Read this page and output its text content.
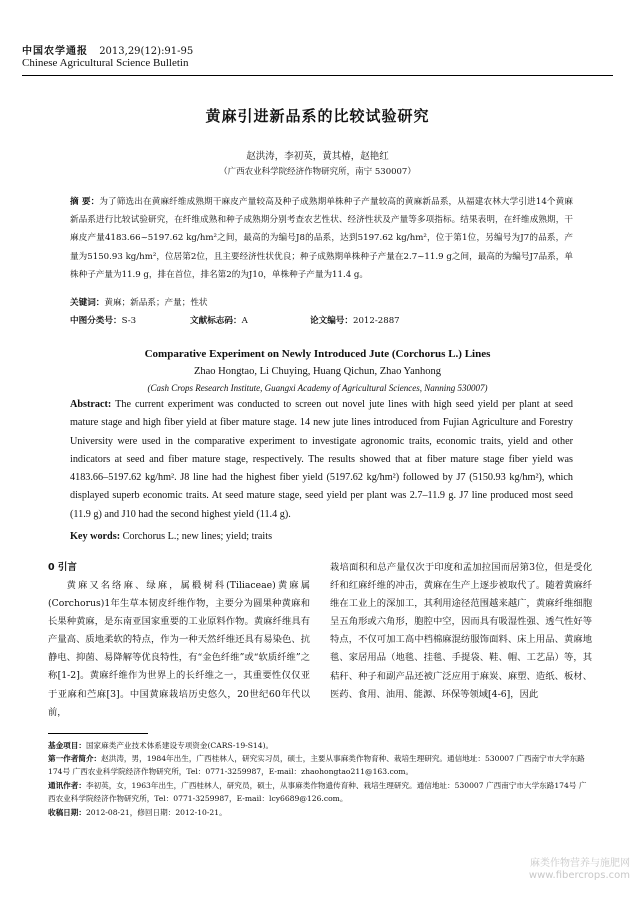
中国农学通报 2013,29(12):91-95
Chinese Agricultural Science Bulletin
黄麻引进新品系的比较试验研究
赵洪涛，李初英，黄其椿，赵艳红
（广西农业科学院经济作物研究所，南宁 530007）
摘 要：为了筛选出在黄麻纤维成熟期干麻皮产量较高及种子成熟期单株种子产量较高的黄麻新品系，从福建农林大学引进14个黄麻新品系进行比较试验研究，在纤维成熟和种子成熟期分别考查农艺性状、经济性状及产量等多项指标。结果表明，在纤维成熟期，干麻皮产量4183.66~5197.62 kg/hm²之间，最高的为编号J8的品系，达到5197.62 kg/hm²，位于第1位，另编号为J7的品系，产量为5150.93 kg/hm²，位居第2位，且主要经济性状优良；种子成熟期单株种子产量在2.7~11.9 g之间，最高的为编号J7品系，单株种子产量为11.9 g，排在首位，排名第2的为J10，单株种子产量为11.4 g。
关键词：黄麻；新品系；产量；性状
中图分类号：S-3	文献标志码：A	论文编号：2012-2887
Comparative Experiment on Newly Introduced Jute (Corchorus L.) Lines
Zhao Hongtao, Li Chuying, Huang Qichun, Zhao Yanhong
(Cash Crops Research Institute, Guangxi Academy of Agricultural Sciences, Nanning 530007)
Abstract: The current experiment was conducted to screen out novel jute lines with high seed yield per plant at seed mature stage and high fiber yield at fiber mature stage. 14 new jute lines introduced from Fujian Agriculture and Forestry University were used in the comparative experiment to investigate agronomic traits, economic traits, yield and other indicators at seed and fiber mature stage, respectively. The results showed that at fiber mature stage fiber yield was 4183.66–5197.62 kg/hm². J8 line had the highest fiber yield (5197.62 kg/hm²) followed by J7 (5150.93 kg/hm²), which displayed superb economic traits. At seed mature stage, seed yield per plant was 2.7–11.9 g. J7 line produced most seed (11.9 g) and J10 had the second highest yield (11.4 g).
Key words: Corchorus L.; new lines; yield; traits
0 引言
黄麻又名络麻、绿麻，属椴树科(Tiliaceae)黄麻属(Corchorus)1年生草本韧皮纤维作物，主要分为圆果种黄麻和长果种黄麻，是东南亚国家重要的工业原料作物。黄麻纤维具有产量高、质地柔软的特点，作为一种天然纤维还具有易染色、抗静电、抑菌、易降解等优良特性，有“金色纤维”或“软质纤维”之称[1-2]。黄麻纤维作为世界上的长纤维之一，其重要性仅仅亚于亚麻和苎麻[3]。中国黄麻栽培历史悠久，20世纪60年代以前，
栽培面积和总产量仅次于印度和孟加拉国而居第3位，但是受化纤和红麻纤维的冲击，黄麻在生产上逐步被取代了。随着黄麻纤维在工业上的深加工，其利用途径范围越来越广，黄麻纤维细胞呈五角形或六角形，胞腔中空，因而具有吸湿性强、透气性好等特点，不仅可加工高中档棉麻混纺服饰面料、床上用品、黄麻地毯、家居用品（地毯、挂毯、手提袋、鞋、帽、工艺品）等，其秸秆、种子和副产品还被广泛应用于麻炭、麻塑、造纸、板材、医药、食用、油用、能源、环保等领域[4-6]，因此
基金项目：国家麻类产业技术体系建设专项资金(CARS-19-S14)。
第一作者简介：赵洪涛，男，1984年出生，广西桂林人，研究实习员，硕士，主要从事麻类作物育种、栽培生理研究。通信地址：530007 广西南宁市大学东路174号 广西农业科学院经济作物研究所，Tel：0771-3259987，E-mail：zhaohongtao211@163.com。
通讯作者：李初英，女，1963年出生，广西桂林人，研究员，硕士，从事麻类作物遗传育种、栽培生理研究。通信地址：530007 广西南宁市大学东路174号 广西农业科学院经济作物研究所，Tel：0771-3259987，E-mail：lcy6689@126.com。
收稿日期：2012-08-21，修回日期：2012-10-21。
麻类作物营养与施肥网
www.fibercrops.com
